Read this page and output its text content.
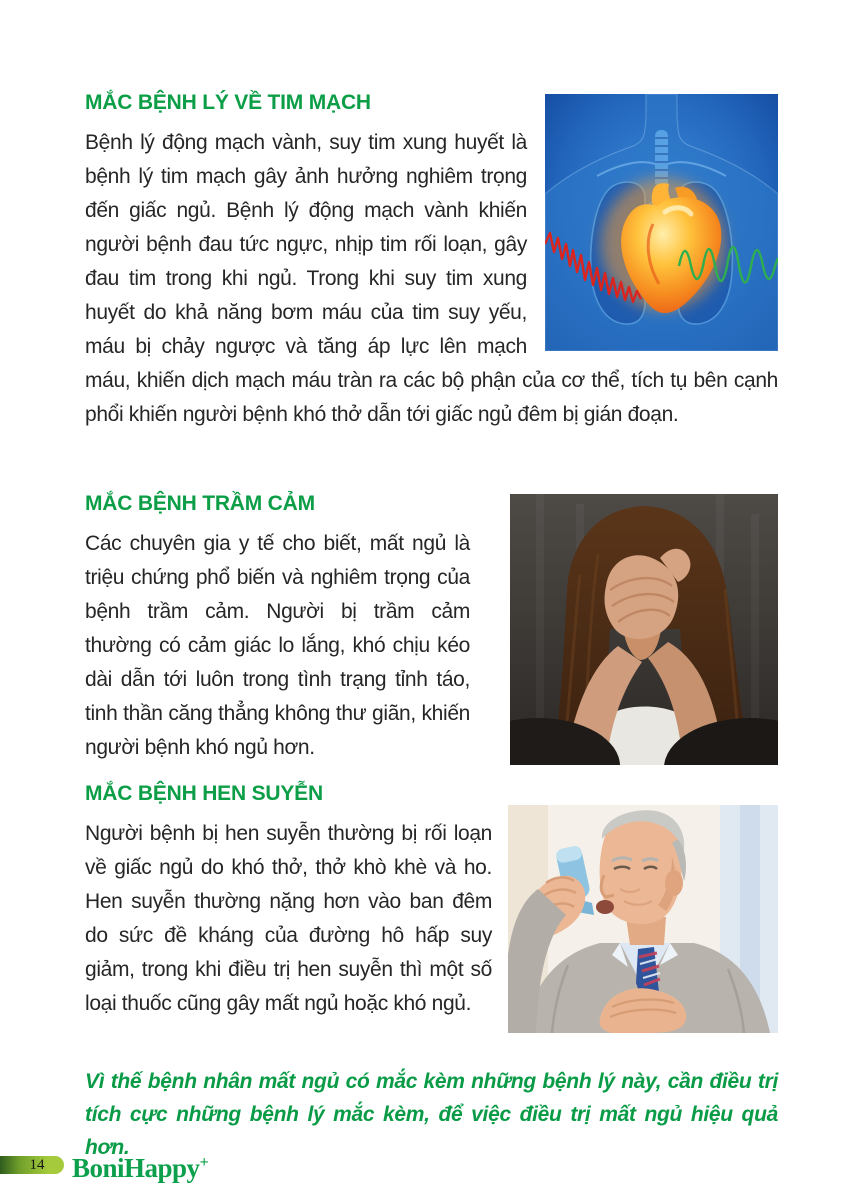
MẮC BỆNH LÝ VỀ TIM MẠCH

Bệnh lý động mạch vành, suy tim xung huyết là bệnh lý tim mạch gây ảnh hưởng nghiêm trọng đến giấc ngủ. Bệnh lý động mạch vành khiến người bệnh đau tức ngực, nhịp tim rối loạn, gây đau tim trong khi ngủ. Trong khi suy tim xung huyết do khả năng bơm máu của tim suy yếu, máu bị chảy ngược và tăng áp lực lên mạch máu, khiến dịch mạch máu tràn ra các bộ phận của cơ thể, tích tụ bên cạnh phổi khiến người bệnh khó thở dẫn tới giấc ngủ đêm bị gián đoạn.

MẮC BỆNH TRẦM CẢM

Các chuyên gia y tế cho biết, mất ngủ là triệu chứng phổ biến và nghiêm trọng của bệnh trầm cảm. Người bị trầm cảm thường có cảm giác lo lắng, khó chịu kéo dài dẫn tới luôn trong tình trạng tỉnh táo, tinh thần căng thẳng không thư giãn, khiến người bệnh khó ngủ hơn.

MẮC BỆNH HEN SUYỄN

Người bệnh bị hen suyễn thường bị rối loạn về giấc ngủ do khó thở, thở khò khè và ho. Hen suyễn thường nặng hơn vào ban đêm do sức đề kháng của đường hô hấp suy giảm, trong khi điều trị hen suyễn thì một số loại thuốc cũng gây mất ngủ hoặc khó ngủ.

Vì thế bệnh nhân mất ngủ có mắc kèm những bệnh lý này, cần điều trị tích cực những bệnh lý mắc kèm, để việc điều trị mất ngủ hiệu quả hơn.

14 BoniHappy+
